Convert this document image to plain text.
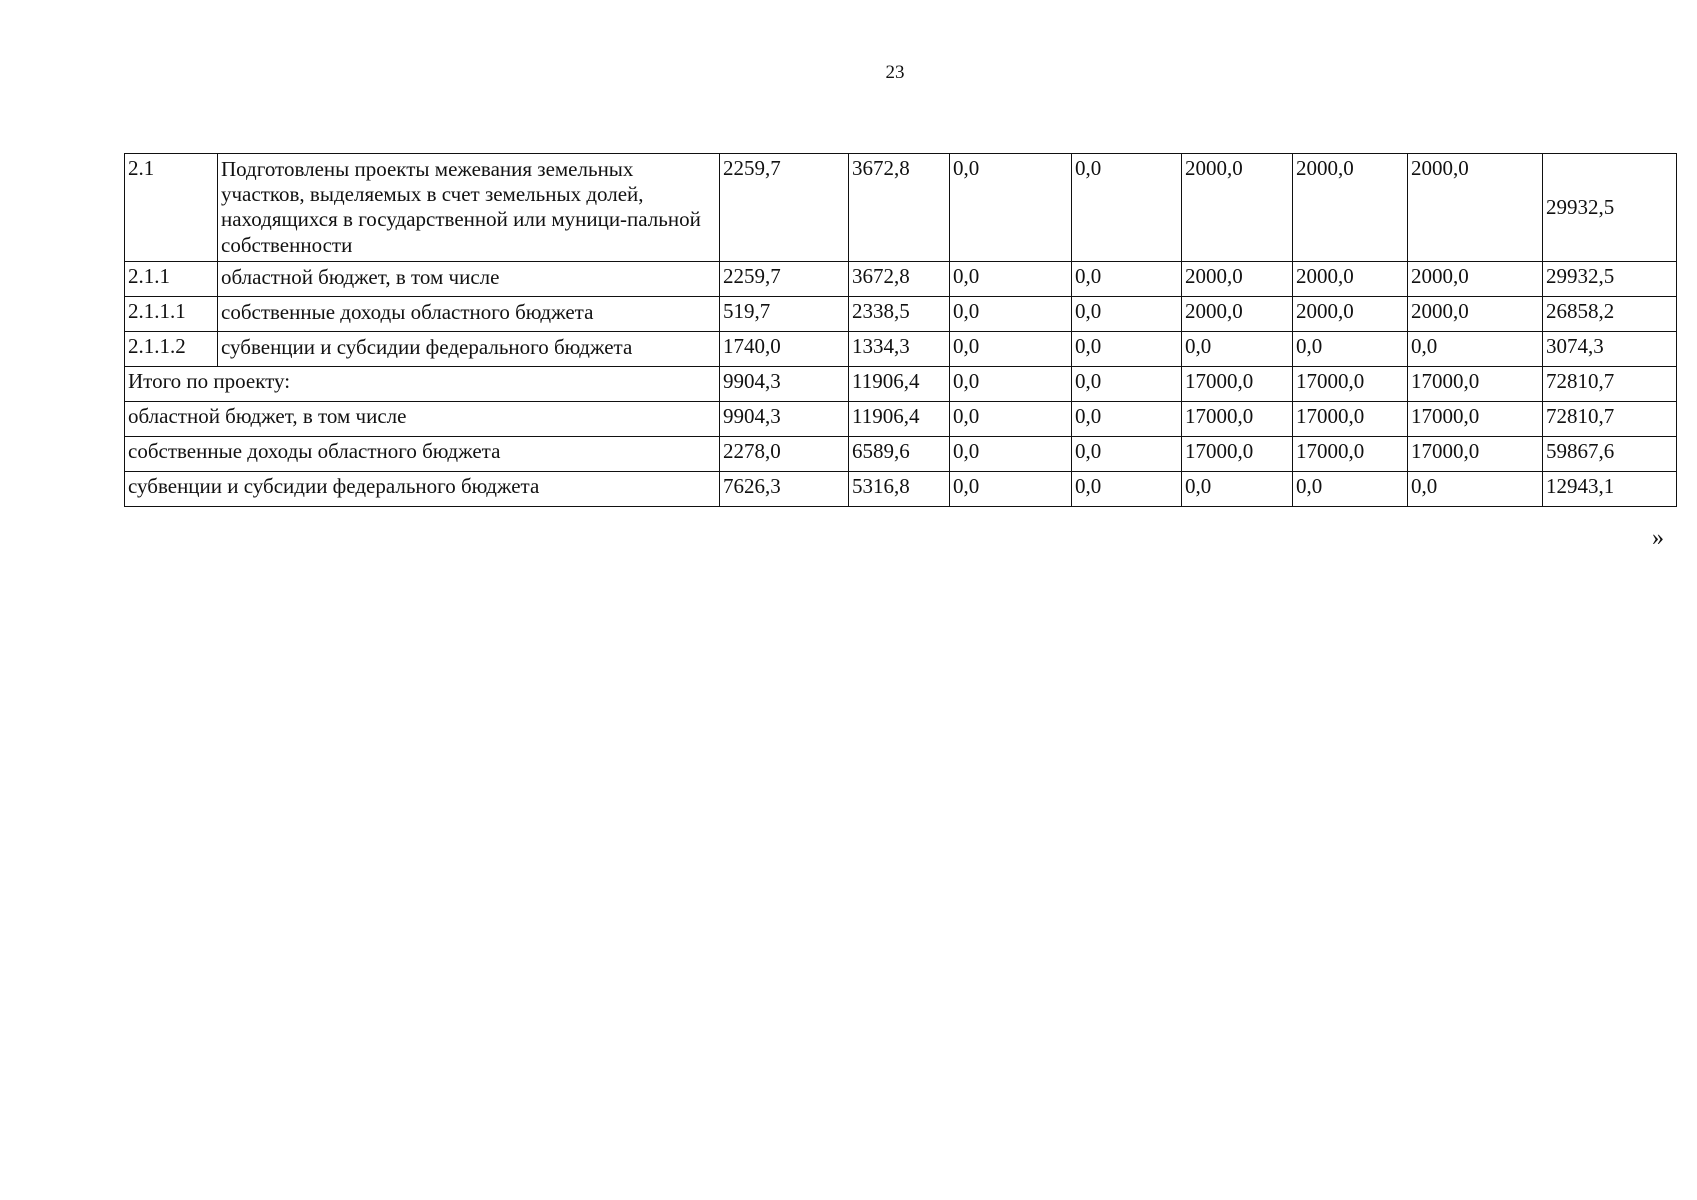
23
2.1	Подготовлены проекты межевания земельных участков, выделяемых в счет земельных долей, находящихся в государственной или муници-пальной собственности	2259,7	3672,8	0,0	0,0	2000,0	2000,0	2000,0	29932,5
2.1.1	областной бюджет, в том числе	2259,7	3672,8	0,0	0,0	2000,0	2000,0	2000,0	29932,5
2.1.1.1	собственные доходы областного бюджета	519,7	2338,5	0,0	0,0	2000,0	2000,0	2000,0	26858,2
2.1.1.2	субвенции и субсидии федерального бюджета	1740,0	1334,3	0,0	0,0	0,0	0,0	0,0	3074,3
Итого по проекту:		9904,3	11906,4	0,0	0,0	17000,0	17000,0	17000,0	72810,7
областной бюджет, в том числе		9904,3	11906,4	0,0	0,0	17000,0	17000,0	17000,0	72810,7
собственные доходы областного бюджета		2278,0	6589,6	0,0	0,0	17000,0	17000,0	17000,0	59867,6
субвенции и субсидии федерального бюджета		7626,3	5316,8	0,0	0,0	0,0	0,0	0,0	12943,1
»
